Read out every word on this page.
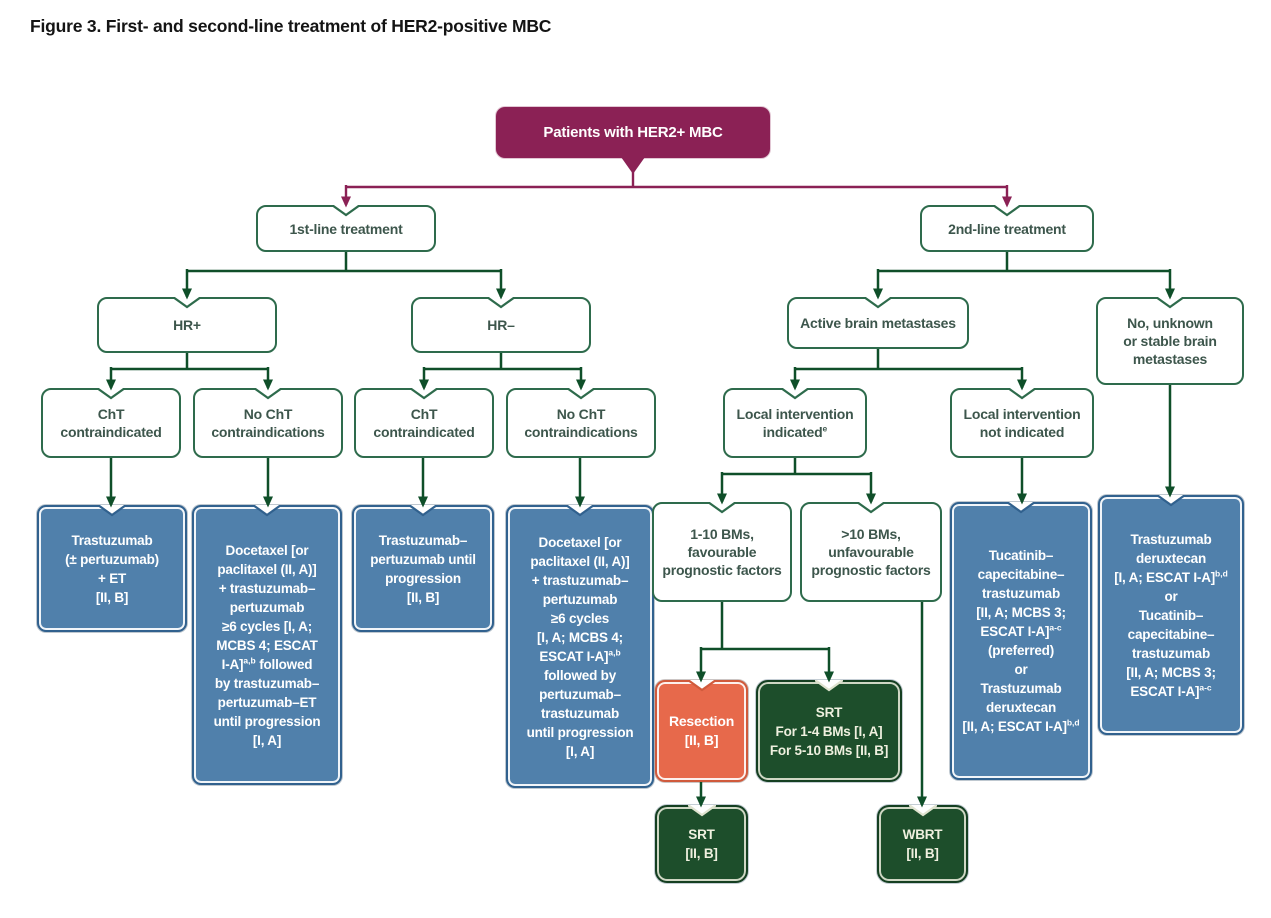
Figure 3. First- and second-line treatment of HER2-positive MBC
Patients with HER2+ MBC
1st-line treatment	2nd-line treatment
HR+	HR–	Active brain metastases	No, unknown
or stable brain
metastases
ChT
contraindicated
No ChT
contraindications
ChT
contraindicated
No ChT
contraindications
Local intervention
indicated$^e$
Local intervention
not indicated
Trastuzumab
(± pertuzumab)
+ ET
[II, B]
Docetaxel [or
paclitaxel (II, A)]
+ trastuzumab–
pertuzumab
≥6 cycles [I, A;
MCBS 4; ESCAT
I-A]$^{a,b}$ followed
by trastuzumab–
pertuzumab–ET
until progression
[I, A]
Trastuzumab–
pertuzumab until
progression
[II, B]
Docetaxel [or
paclitaxel (II, A)]
+ trastuzumab–
pertuzumab
≥6 cycles
[I, A; MCBS 4;
ESCAT I-A]$^{a,b}$
followed by
pertuzumab–
trastuzumab
until progression
[I, A]
1-10 BMs,
favourable
prognostic factors
>10 BMs,
unfavourable
prognostic factors
Tucatinib–
capecitabine–
trastuzumab
[II, A; MCBS 3;
ESCAT I-A]$^{a-c}$
(preferred)
or
Trastuzumab
deruxtecan
[II, A; ESCAT I-A]$^{b,d}$
Trastuzumab
deruxtecan
[I, A; ESCAT I-A]$^{b,d}$
or
Tucatinib–
capecitabine–
trastuzumab
[II, A; MCBS 3;
ESCAT I-A]$^{a-c}$
Resection
[II, B]
SRT
For 1-4 BMs [I, A]
For 5-10 BMs [II, B]
SRT
[II, B]
WBRT
[II, B]
